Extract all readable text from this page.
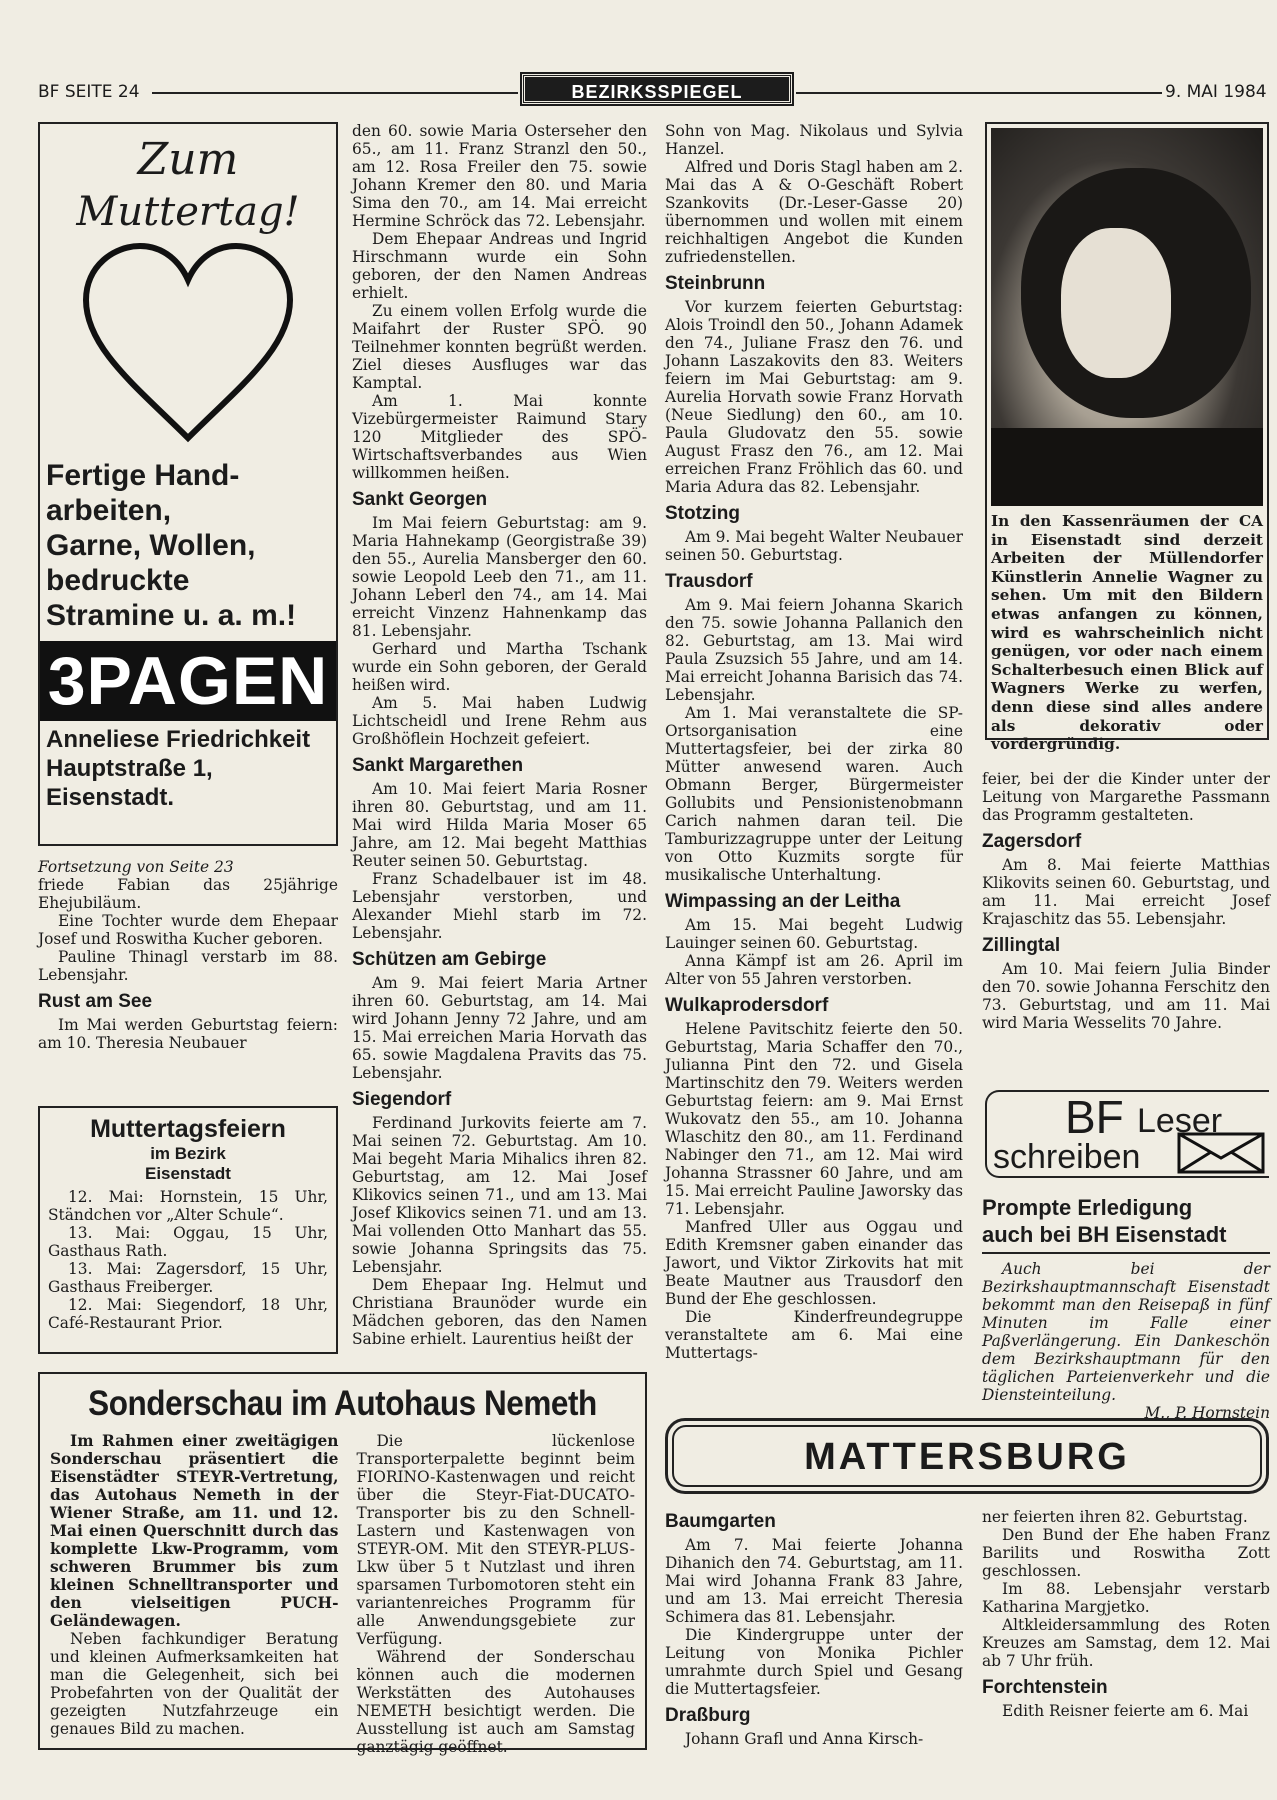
BF SEITE 24	BEZIRKSSPIEGEL	9. MAI 1984
Zum
Muttertag!
Fertige Hand-
arbeiten,
Garne, Wollen,
bedruckte
Stramine u. a. m.!
3PAGEN
Anneliese Friedrichkeit
Hauptstraße 1,
Eisenstadt.

Fortsetzung von Seite 23

friede Fabian das 25jährige Ehejubiläum.

Eine Tochter wurde dem Ehepaar Josef und Roswitha Kucher geboren.

Pauline Thinagl verstarb im 88. Lebensjahr.

Rust am See

Im Mai werden Geburtstag feiern: am 10. Theresia Neubauer

Muttertagsfeiern
im Bezirk
Eisenstadt

12. Mai: Hornstein, 15 Uhr, Ständchen vor „Alter Schule“.

13. Mai: Oggau, 15 Uhr, Gasthaus Rath.

13. Mai: Zagersdorf, 15 Uhr, Gasthaus Freiberger.

12. Mai: Siegendorf, 18 Uhr, Café-Restaurant Prior.

den 60. sowie Maria Osterseher den 65., am 11. Franz Stranzl den 50., am 12. Rosa Freiler den 75. sowie Johann Kremer den 80. und Maria Sima den 70., am 14. Mai erreicht Hermine Schröck das 72. Lebensjahr.

Dem Ehepaar Andreas und Ingrid Hirschmann wurde ein Sohn geboren, der den Namen Andreas erhielt.

Zu einem vollen Erfolg wurde die Maifahrt der Ruster SPÖ. 90 Teilnehmer konnten begrüßt werden. Ziel dieses Ausfluges war das Kamptal.

Am 1. Mai konnte Vizebürgermeister Raimund Stary 120 Mitglieder des SPÖ-Wirtschaftsverbandes aus Wien willkommen heißen.

Sankt Georgen

Im Mai feiern Geburtstag: am 9. Maria Hahnekamp (Georgistraße 39) den 55., Aurelia Mansberger den 60. sowie Leopold Leeb den 71., am 11. Johann Leberl den 74., am 14. Mai erreicht Vinzenz Hahnenkamp das 81. Lebensjahr.

Gerhard und Martha Tschank wurde ein Sohn geboren, der Gerald heißen wird.

Am 5. Mai haben Ludwig Lichtscheidl und Irene Rehm aus Großhöflein Hochzeit gefeiert.

Sankt Margarethen

Am 10. Mai feiert Maria Rosner ihren 80. Geburtstag, und am 11. Mai wird Hilda Maria Moser 65 Jahre, am 12. Mai begeht Matthias Reuter seinen 50. Geburtstag.

Franz Schadelbauer ist im 48. Lebensjahr verstorben, und Alexander Miehl starb im 72. Lebensjahr.

Schützen am Gebirge

Am 9. Mai feiert Maria Artner ihren 60. Geburtstag, am 14. Mai wird Johann Jenny 72 Jahre, und am 15. Mai erreichen Maria Horvath das 65. sowie Magdalena Pravits das 75. Lebensjahr.

Siegendorf

Ferdinand Jurkovits feierte am 7. Mai seinen 72. Geburtstag. Am 10. Mai begeht Maria Mihalics ihren 82. Geburtstag, am 12. Mai Josef Klikovics seinen 71., und am 13. Mai Josef Klikovics seinen 71. und am 13. Mai vollenden Otto Manhart das 55. sowie Johanna Springsits das 75. Lebensjahr.

Dem Ehepaar Ing. Helmut und Christiana Braunöder wurde ein Mädchen geboren, das den Namen Sabine erhielt. Laurentius heißt der

Sohn von Mag. Nikolaus und Sylvia Hanzel.

Alfred und Doris Stagl haben am 2. Mai das A & O-Geschäft Robert Szankovits (Dr.-Leser-Gasse 20) übernommen und wollen mit einem reichhaltigen Angebot die Kunden zufriedenstellen.

Steinbrunn

Vor kurzem feierten Geburtstag: Alois Troindl den 50., Johann Adamek den 74., Juliane Frasz den 76. und Johann Laszakovits den 83. Weiters feiern im Mai Geburtstag: am 9. Aurelia Horvath sowie Franz Horvath (Neue Siedlung) den 60., am 10. Paula Gludovatz den 55. sowie August Frasz den 76., am 12. Mai erreichen Franz Fröhlich das 60. und Maria Adura das 82. Lebensjahr.

Stotzing

Am 9. Mai begeht Walter Neubauer seinen 50. Geburtstag.

Trausdorf

Am 9. Mai feiern Johanna Skarich den 75. sowie Johanna Pallanich den 82. Geburtstag, am 13. Mai wird Paula Zsuzsich 55 Jahre, und am 14. Mai erreicht Johanna Barisich das 74. Lebensjahr.

Am 1. Mai veranstaltete die SP-Ortsorganisation eine Muttertagsfeier, bei der zirka 80 Mütter anwesend waren. Auch Obmann Berger, Bürgermeister Gollubits und Pensionistenobmann Carich nahmen daran teil. Die Tamburizzagruppe unter der Leitung von Otto Kuzmits sorgte für musikalische Unterhaltung.

Wimpassing an der Leitha

Am 15. Mai begeht Ludwig Lauinger seinen 60. Geburtstag.

Anna Kämpf ist am 26. April im Alter von 55 Jahren verstorben.

Wulkaprodersdorf

Helene Pavitschitz feierte den 50. Geburtstag, Maria Schaffer den 70., Julianna Pint den 72. und Gisela Martinschitz den 79. Weiters werden Geburtstag feiern: am 9. Mai Ernst Wukovatz den 55., am 10. Johanna Wlaschitz den 80., am 11. Ferdinand Nabinger den 71., am 12. Mai wird Johanna Strassner 60 Jahre, und am 15. Mai erreicht Pauline Jaworsky das 71. Lebensjahr.

Manfred Uller aus Oggau und Edith Kremsner gaben einander das Jawort, und Viktor Zirkovits hat mit Beate Mautner aus Trausdorf den Bund der Ehe geschlossen.

Die Kinderfreundegruppe veranstaltete am 6. Mai eine Muttertags-

In den Kassenräumen der CA in Eisenstadt sind derzeit Arbeiten der Müllendorfer Künstlerin Annelie Wagner zu sehen. Um mit den Bildern etwas anfangen zu können, wird es wahrscheinlich nicht genügen, vor oder nach einem Schalterbesuch einen Blick auf Wagners Werke zu werfen, denn diese sind alles andere als dekorativ oder vordergründig.

feier, bei der die Kinder unter der Leitung von Margarethe Passmann das Programm gestalteten.

Zagersdorf

Am 8. Mai feierte Matthias Klikovits seinen 60. Geburtstag, und am 11. Mai erreicht Josef Krajaschitz das 55. Lebensjahr.

Zillingtal

Am 10. Mai feiern Julia Binder den 70. sowie Johanna Ferschitz den 73. Geburtstag, und am 11. Mai wird Maria Wesselits 70 Jahre.

BF Leser
schreiben
Prompte Erledigung
auch bei BH Eisenstadt

Auch bei der Bezirkshauptmannschaft Eisenstadt bekommt man den Reisepaß in fünf Minuten im Falle einer Paßverlängerung. Ein Dankeschön dem Bezirkshauptmann für den täglichen Parteienverkehr und die Diensteinteilung.

M., P. Hornstein

Sonderschau im Autohaus Nemeth

Im Rahmen einer zweitägigen Sonderschau präsentiert die Eisenstädter STEYR-Vertretung, das Autohaus Nemeth in der Wiener Straße, am 11. und 12. Mai einen Querschnitt durch das komplette Lkw-Programm, vom schweren Brummer bis zum kleinen Schnelltransporter und den vielseitigen PUCH-Geländewagen.

Neben fachkundiger Beratung und kleinen Aufmerksamkeiten hat man die Gelegenheit, sich bei Probefahrten von der Qualität der gezeigten Nutzfahrzeuge ein genaues Bild zu machen.

Die lückenlose Transporterpalette beginnt beim FIORINO-Kastenwagen und reicht über die Steyr-Fiat-DUCATO-Transporter bis zu den Schnell-Lastern und Kastenwagen von STEYR-OM. Mit den STEYR-PLUS-Lkw über 5 t Nutzlast und ihren sparsamen Turbomotoren steht ein variantenreiches Programm für alle Anwendungsgebiete zur Verfügung.

Während der Sonderschau können auch die modernen Werkstätten des Autohauses NEMETH besichtigt werden. Die Ausstellung ist auch am Samstag ganztägig geöffnet.

MATTERSBURG
Baumgarten

Am 7. Mai feierte Johanna Dihanich den 74. Geburtstag, am 11. Mai wird Johanna Frank 83 Jahre, und am 13. Mai erreicht Theresia Schimera das 81. Lebensjahr.

Die Kindergruppe unter der Leitung von Monika Pichler umrahmte durch Spiel und Gesang die Muttertagsfeier.

Draßburg

Johann Grafl und Anna Kirsch-

ner feierten ihren 82. Geburtstag.

Den Bund der Ehe haben Franz Barilits und Roswitha Zott geschlossen.

Im 88. Lebensjahr verstarb Katharina Margjetko.

Altkleidersammlung des Roten Kreuzes am Samstag, dem 12. Mai ab 7 Uhr früh.

Forchtenstein

Edith Reisner feierte am 6. Mai
